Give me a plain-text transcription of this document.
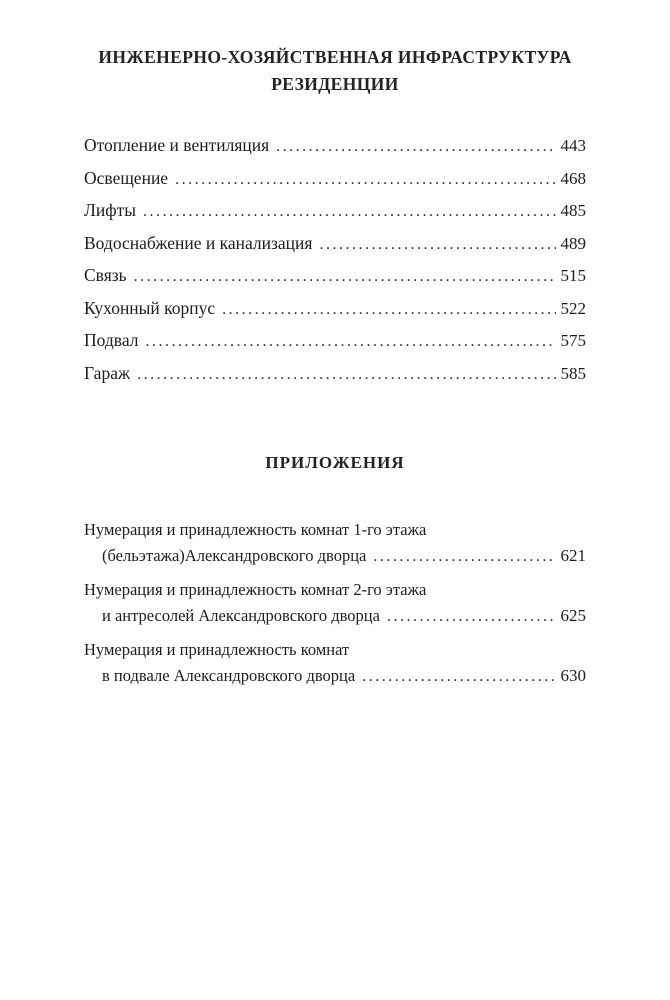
ИНЖЕНЕРНО-ХОЗЯЙСТВЕННАЯ ИНФРАСТРУКТУРА РЕЗИДЕНЦИИ
Отопление и вентиляция .....	443
Освещение .....	468
Лифты .....	485
Водоснабжение и канализация .....	489
Связь .....	515
Кухонный корпус .....	522
Подвал .....	575
Гараж .....	585
ПРИЛОЖЕНИЯ
Нумерация и принадлежность комнат 1-го этажа
(бельэтажа)Александровского дворца .....	621
Нумерация и принадлежность комнат 2-го этажа
и антресолей Александровского дворца .....	625
Нумерация и принадлежность комнат
в подвале Александровского дворца .....	630
